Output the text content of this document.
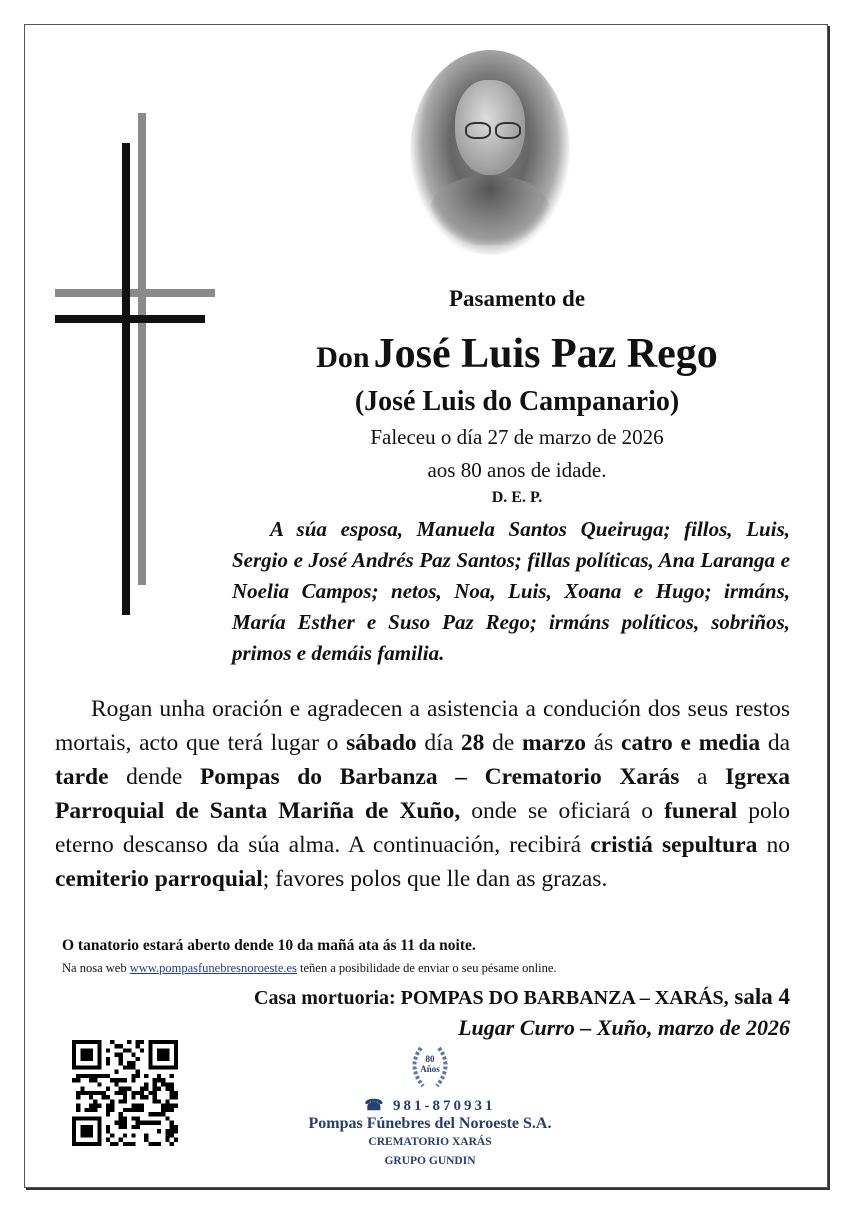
Pasamento de
Don José Luis Paz Rego
(José Luis do Campanario)
Faleceu o día 27 de marzo de 2026
aos 80 anos de idade.
D. E. P.
A súa esposa, Manuela Santos Queiruga; fillos, Luis, Sergio e José Andrés Paz Santos; fillas políticas, Ana Laranga e Noelia Campos; netos, Noa, Luis, Xoana e Hugo; irmáns, María Esther e Suso Paz Rego; irmáns políticos, sobriños, primos e demáis familia.
Rogan unha oración e agradecen a asistencia a condución dos seus restos mortais, acto que terá lugar o sábado día 28 de marzo ás catro e media da tarde dende Pompas do Barbanza – Crematorio Xarás a Igrexa Parroquial de Santa Mariña de Xuño, onde se oficiará o funeral polo eterno descanso da súa alma. A continuación, recibirá cristiá sepultura no cemiterio parroquial; favores polos que lle dan as grazas.
O tanatorio estará aberto dende 10 da mañá ata ás 11 da noite.
Na nosa web www.pompasfunebresnoroeste.es teñen a posibilidade de enviar o seu pésame online.
Casa mortuoria: POMPAS DO BARBANZA – XARÁS, sala 4
Lugar Curro – Xuño, marzo de 2026
80
Años
☎ 981-870931
Pompas Fúnebres del Noroeste S.A.
CREMATORIO XARÁS
GRUPO GUNDIN
